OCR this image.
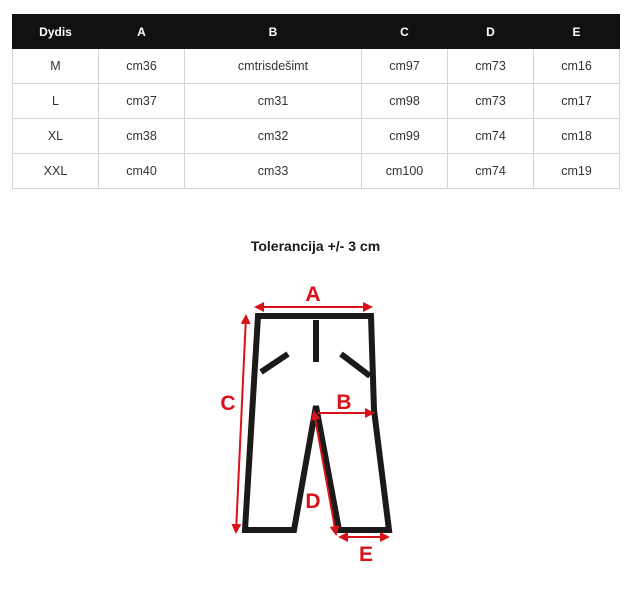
Dydis	A	B	C	D	E
M	cm36	cmtrisdešimt	cm97	cm73	cm16
L	cm37	cm31	cm98	cm73	cm17
XL	cm38	cm32	cm99	cm74	cm18
XXL	cm40	cm33	cm100	cm74	cm19
Tolerancija +/- 3 cm
A
B
C
D
E
